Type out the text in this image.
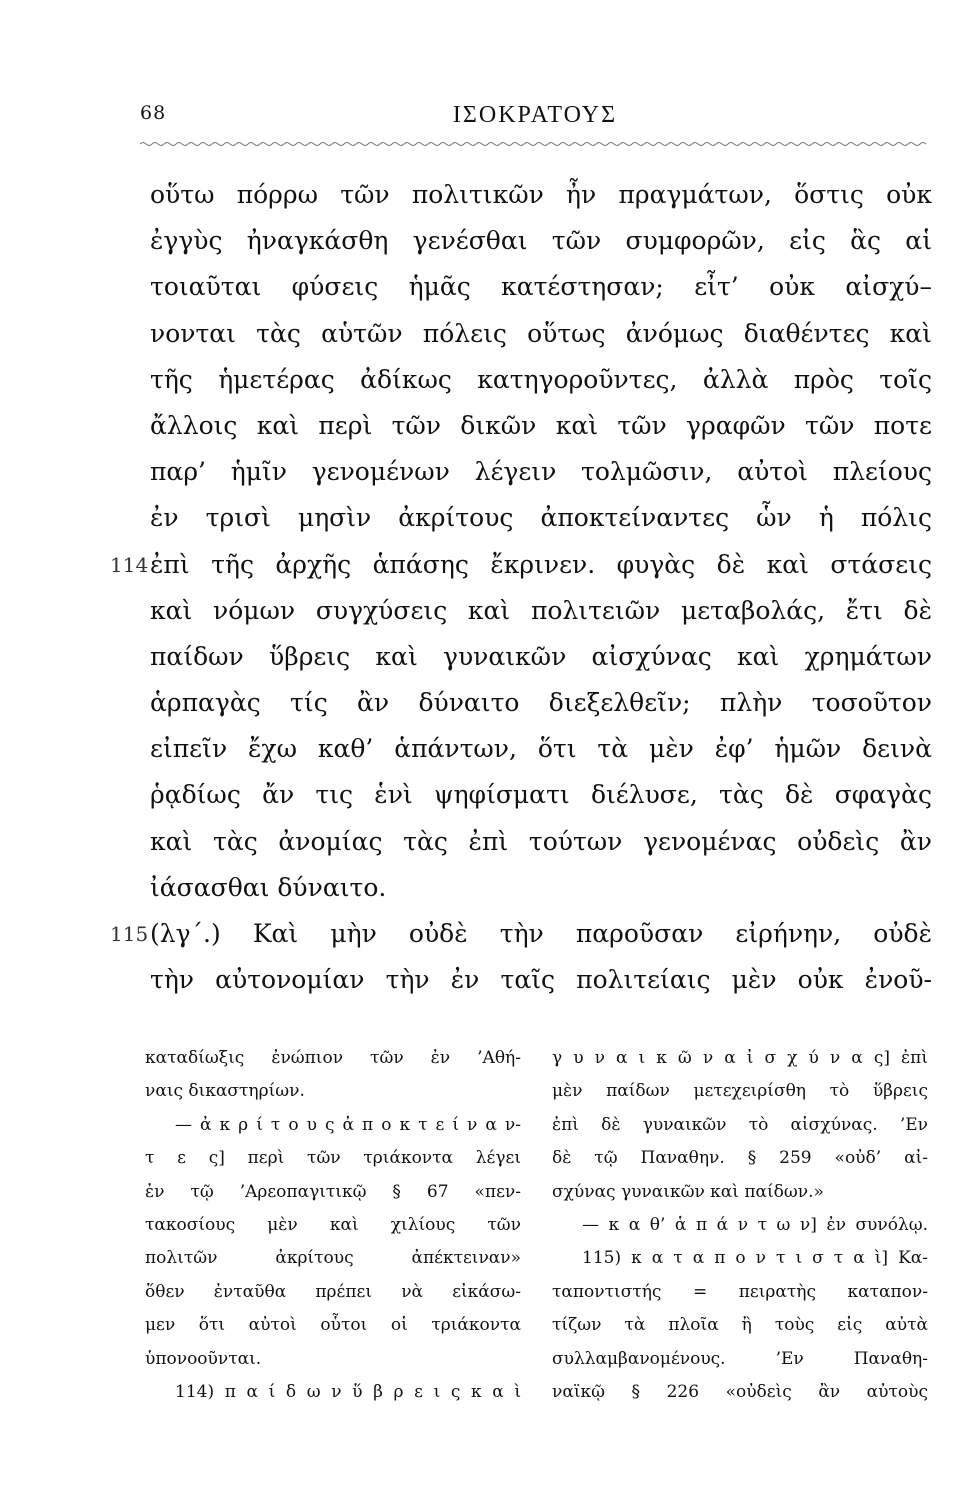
68	ΙΣΟΚΡΑΤΟΥΣ
οὕτω πόρρω τῶν πολιτικῶν ἦν πραγμάτων, ὅστις οὐκ
ἐγγὺς ἠναγκάσθη γενέσθαι τῶν συμφορῶν, εἰς ἃς αἱ
τοιαῦται φύσεις ἡμᾶς κατέστησαν; εἶτ’ οὐκ αἰσχύ–
νονται τὰς αὑτῶν πόλεις οὕτως ἀνόμως διαθέντες καὶ
τῆς ἡμετέρας ἀδίκως κατηγοροῦντες, ἀλλὰ πρὸς τοῖς
ἄλλοις καὶ περὶ τῶν δικῶν καὶ τῶν γραφῶν τῶν ποτε
παρ’ ἡμῖν γενομένων λέγειν τολμῶσιν, αὐτοὶ πλείους
ἐν τρισὶ μησὶν ἀκρίτους ἀποκτείναντες ὧν ἡ πόλις
114 ἐπὶ τῆς ἀρχῆς ἁπάσης ἔκρινεν. φυγὰς δὲ καὶ στάσεις
καὶ νόμων συγχύσεις καὶ πολιτειῶν μεταβολάς, ἔτι δὲ
παίδων ὕβρεις καὶ γυναικῶν αἰσχύνας καὶ χρημάτων
ἁρπαγὰς τίς ἂν δύναιτο διεξελθεῖν; πλὴν τοσοῦτον
εἰπεῖν ἔχω καθ’ ἁπάντων, ὅτι τὰ μὲν ἐφ’ ἡμῶν δεινὰ
ῥᾳδίως ἄν τις ἑνὶ ψηφίσματι διέλυσε, τὰς δὲ σφαγὰς
καὶ τὰς ἀνομίας τὰς ἐπὶ τούτων γενομένας οὐδεὶς ἂν
ἰάσασθαι δύναιτο.
115 (λγ΄.) Καὶ μὴν οὐδὲ τὴν παροῦσαν εἰρήνην, οὐδὲ
τὴν αὐτονομίαν τὴν ἐν ταῖς πολιτείαις μὲν οὐκ ἐνοῦ-
καταδίωξις ἐνώπιον τῶν ἐν ’Αθή-
ναις δικαστηρίων.
— ἀ κ ρ ί τ ο υ ς ἀ π ο κ τ ε ί ν α ν-
τ ε ς] περὶ τῶν τριάκοντα λέγει
ἐν τῷ ’Αρεοπαγιτικῷ § 67 «πεν-
τακοσίους μὲν καὶ χιλίους τῶν
πολιτῶν ἀκρίτους ἀπέκτειναν»
ὅθεν ἐνταῦθα πρέπει νὰ εἰκάσω-
μεν ὅτι αὐτοὶ οὗτοι οἱ τριάκοντα
ὑπονοοῦνται.
114) π α ί δ ω ν ὕ β ρ ε ι ς κ α ὶ
γ υ ν α ι κ ῶ ν α ἰ σ χ ύ ν α ς] ἐπὶ
μὲν παίδων μετεχειρίσθη τὸ ὕβρεις
ἐπὶ δὲ γυναικῶν τὸ αἰσχύνας. ’Εν
δὲ τῷ Παναθην. § 259 «οὐδ’ αἰ-
σχύνας γυναικῶν καὶ παίδων.»
— κ α θ’ ἁ π ά ν τ ω ν] ἐν συνόλῳ.
115) κ α τ α π ο ν τ ι σ τ α ὶ] Κα-
ταποντιστής = πειρατὴς καταπον-
τίζων τὰ πλοῖα ἢ τοὺς εἰς αὐτὰ
συλλαμβανομένους. ’Εν Παναθη-
ναϊκῷ § 226 «οὐδεὶς ἂν αὐτοὺς
